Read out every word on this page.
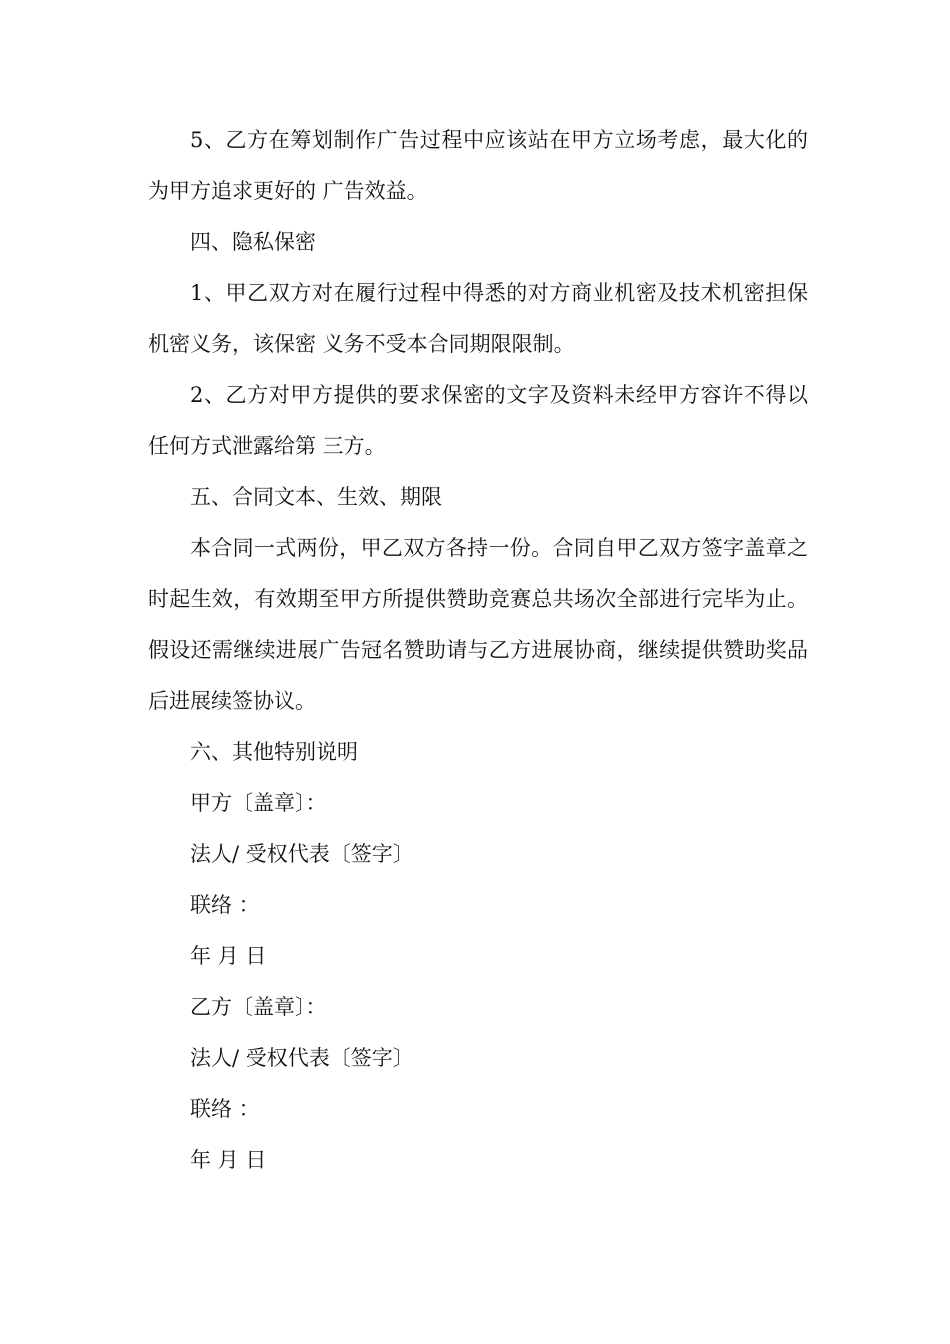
5、乙方在筹划制作广告过程中应该站在甲方立场考虑，最大化的为甲方追求更好的 广告效益。

四、隐私保密

1、甲乙双方对在履行过程中得悉的对方商业机密及技术机密担保机密义务，该保密 义务不受本合同期限限制。

2、乙方对甲方提供的要求保密的文字及资料未经甲方容许不得以任何方式泄露给第 三方。

五、合同文本、生效、期限

本合同一式两份，甲乙双方各持一份。合同自甲乙双方签字盖章之时起生效，有效期至甲方所提供赞助竞赛总共场次全部进行完毕为止。假设还需继续进展广告冠名赞助请与乙方进展协商，继续提供赞助奖品后进展续签协议。

六、其他特别说明

甲方〔盖章〕：

法人/ 受权代表〔签字〕

联络 ：

年 月 日

乙方〔盖章〕：

法人/ 受权代表〔签字〕

联络 ：

年 月 日
